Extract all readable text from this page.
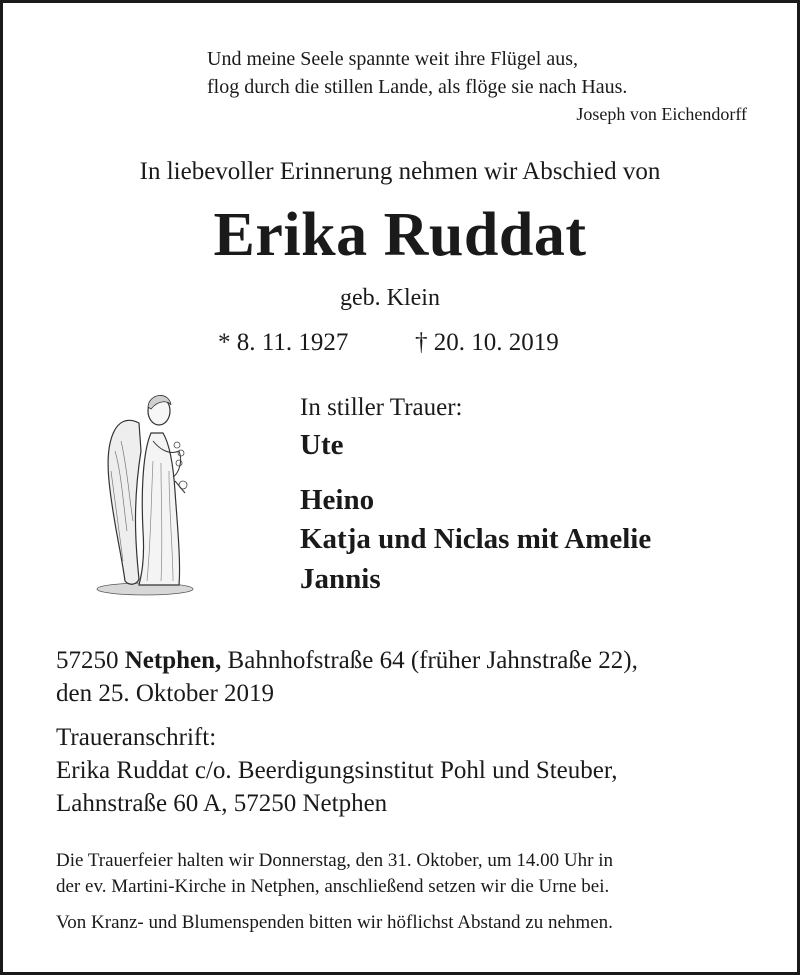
Und meine Seele spannte weit ihre Flügel aus,
flog durch die stillen Lande, als flöge sie nach Haus.
Joseph von Eichendorff
In liebevoller Erinnerung nehmen wir Abschied von
Erika Ruddat
geb. Klein
* 8. 11. 1927	† 20. 10. 2019
In stiller Trauer:
Ute
Heino
Katja und Niclas mit Amelie
Jannis
57250 Netphen, Bahnhofstraße 64 (früher Jahnstraße 22),
den 25. Oktober 2019
Traueranschrift:
Erika Ruddat c/o. Beerdigungsinstitut Pohl und Steuber,
Lahnstraße 60 A, 57250 Netphen
Die Trauerfeier halten wir Donnerstag, den 31. Oktober, um 14.00 Uhr in
der ev. Martini-Kirche in Netphen, anschließend setzen wir die Urne bei.
Von Kranz- und Blumenspenden bitten wir höflichst Abstand zu nehmen.
